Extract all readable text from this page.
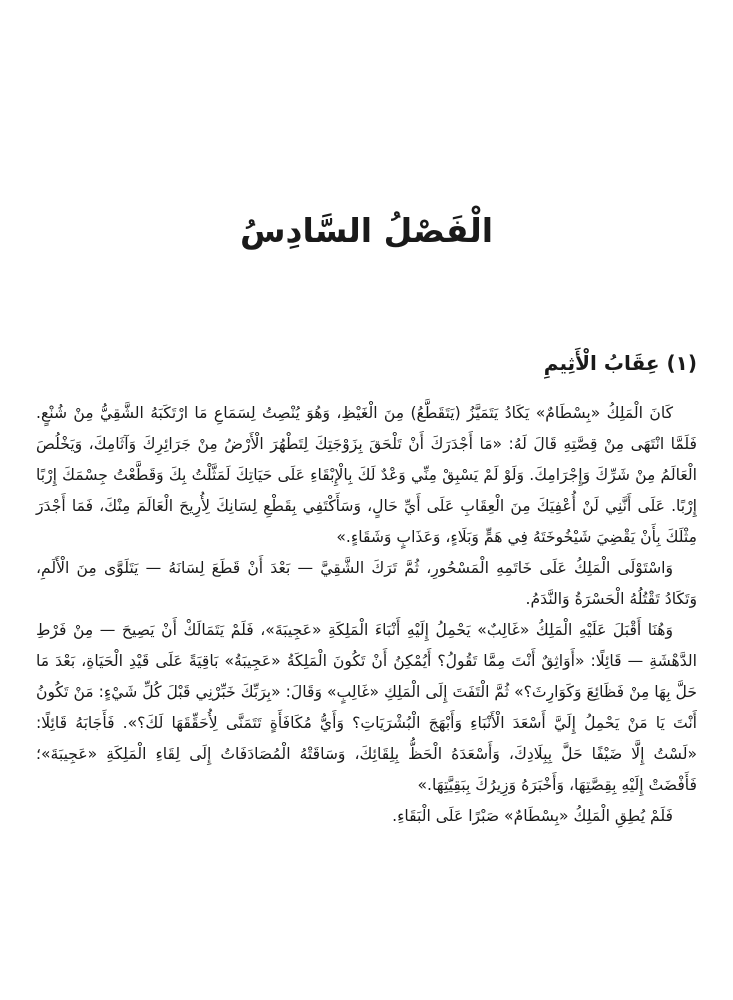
الْفَصْلُ السَّادِسُ
(١) عِقَابُ الْأَثِيمِ

كَانَ الْمَلِكُ «بِسْطَامٌ» يَكَادُ يَتَمَيَّزُ (يَتَقَطَّعُ) مِنَ الْغَيْظِ، وَهُوَ يُنْصِتُ لِسَمَاعِ مَا ارْتَكَبَهُ الشَّقِيُّ مِنْ شُنْعٍ. فَلَمَّا انْتَهَى مِنْ قِصَّتِهِ قَالَ لَهُ: «مَا أَجْدَرَكَ أَنْ تَلْحَقَ بِزَوْجَتِكَ لِتَطْهُرَ الْأَرْضُ مِنْ جَرَائِرِكَ وَآثَامِكَ، وَيَخْلُصَ الْعَالَمُ مِنْ شَرِّكَ وَإِجْرَامِكَ. وَلَوْ لَمْ يَسْبِقْ مِنِّي وَعْدٌ لَكَ بِالْإِبْقَاءِ عَلَى حَيَاتِكَ لَمَثَّلْتُ بِكَ وَقَطَّعْتُ جِسْمَكَ إِرْبًا إِرْبًا. عَلَى أَنَّنِي لَنْ أُعْفِيَكَ مِنَ الْعِقَابِ عَلَى أَيِّ حَالٍ، وَسَأَكْتَفِي بِقَطْعِ لِسَانِكَ لِأُرِيحَ الْعَالَمَ مِنْكَ، فَمَا أَجْدَرَ مِثْلَكَ بِأَنْ يَقْضِيَ شَيْخُوخَتَهُ فِي هَمٍّ وَبَلَاءٍ، وَعَذَابٍ وَشَقَاءٍ.»

وَاسْتَوْلَى الْمَلِكُ عَلَى خَاتَمِهِ الْمَسْحُورِ، ثُمَّ تَرَكَ الشَّقِيَّ — بَعْدَ أَنْ قَطَعَ لِسَانَهُ — يَتَلَوَّى مِنَ الْأَلَمِ، وَتَكَادُ تَقْتُلُهُ الْحَسْرَةُ وَالنَّدَمُ.

وَهُنَا أَقْبَلَ عَلَيْهِ الْمَلِكُ «غَالِبٌ» يَحْمِلُ إِلَيْهِ أَنْبَاءَ الْمَلِكَةِ «عَجِيبَةَ»، فَلَمْ يَتَمَالَكْ أَنْ يَصِيحَ — مِنْ فَرْطِ الدَّهْشَةِ — قَائِلًا: «أَوَاثِقٌ أَنْتَ مِمَّا تَقُولُ؟ أَيُمْكِنُ أَنْ تَكُونَ الْمَلِكَةُ «عَجِيبَةُ» بَاقِيَةً عَلَى قَيْدِ الْحَيَاةِ، بَعْدَ مَا حَلَّ بِهَا مِنْ فَظَائِعَ وَكَوَارِثَ؟» ثُمَّ الْتَفَتَ إِلَى الْمَلِكِ «غَالِبٍ» وَقَالَ: «بِرَبِّكَ خَبِّرْنِي قَبْلَ كُلِّ شَيْءٍ: مَنْ تَكُونُ أَنْتَ يَا مَنْ يَحْمِلُ إِلَيَّ أَسْعَدَ الْأَنْبَاءِ وَأَبْهَجَ الْبُشْرَيَاتِ؟ وَأَيُّ مُكَافَأَةٍ تَتَمَنَّى لِأُحَقِّقَهَا لَكَ؟». فَأَجَابَهُ قَائِلًا: «لَسْتُ إِلَّا ضَيْفًا حَلَّ بِبِلَادِكَ، وَأَسْعَدَهُ الْحَظُّ بِلِقَائِكَ، وَسَاقَتْهُ الْمُصَادَفَاتُ إِلَى لِقَاءِ الْمَلِكَةِ «عَجِيبَةَ»؛ فَأَفْضَتْ إِلَيْهِ بِقِصَّتِهَا، وَأَخْبَرَهُ وَزِيرُكَ بِبَقِيَّتِهَا.»

فَلَمْ يُطِقِ الْمَلِكُ «بِسْطَامٌ» صَبْرًا عَلَى الْبَقَاءِ.
